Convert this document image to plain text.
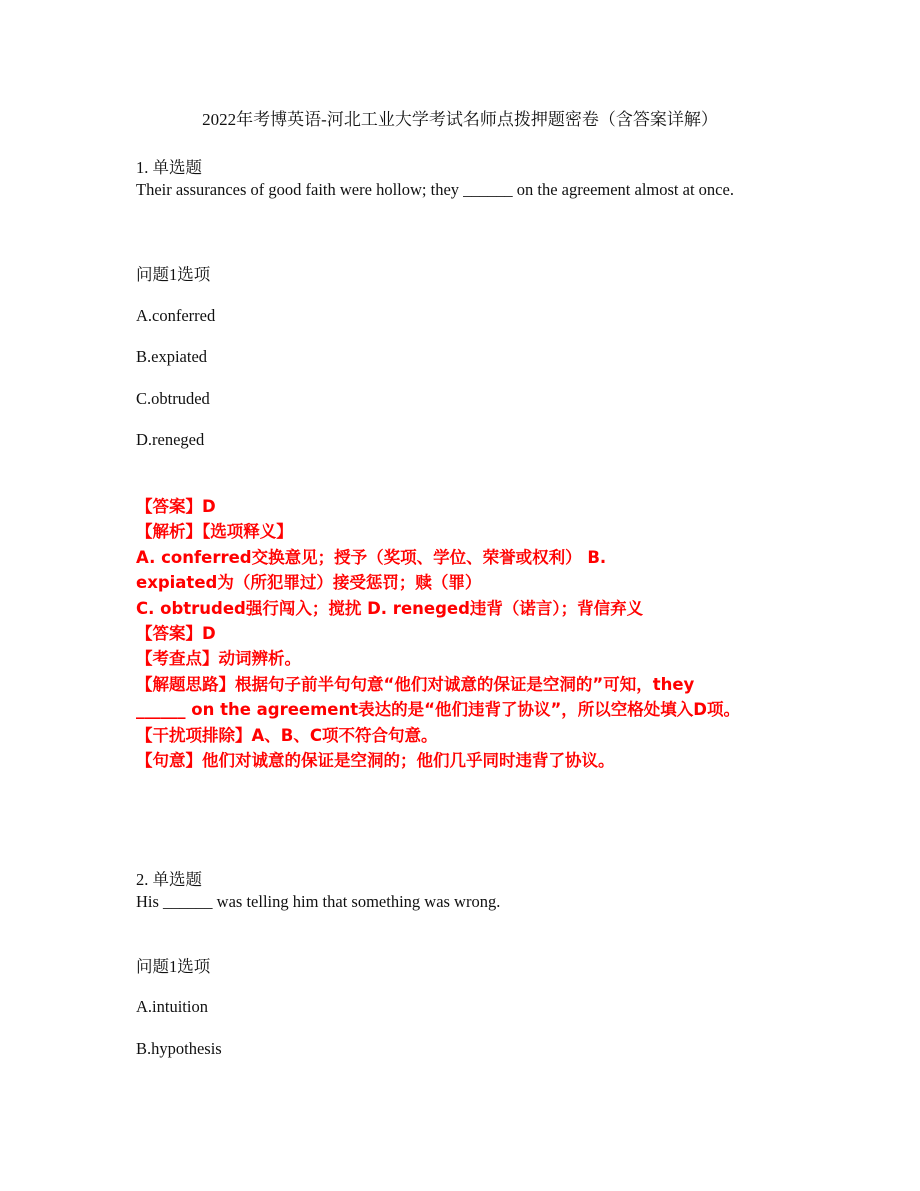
2022年考博英语-河北工业大学考试名师点拨押题密卷（含答案详解）
1. 单选题
Their assurances of good faith were hollow; they ______ on the agreement almost at once.
问题1选项
A.conferred
B.expiated
C.obtruded
D.reneged
【答案】D
【解析】【选项释义】
A. conferred交换意见；授予（奖项、学位、荣誉或权利） B.
expiated为（所犯罪过）接受惩罚；赎（罪）
C. obtruded强行闯入；搅扰 D. reneged违背（诺言）；背信弃义
【答案】D
【考查点】动词辨析。
【解题思路】根据句子前半句句意“他们对诚意的保证是空洞的”可知，they
______ on the agreement表达的是“他们违背了协议”，所以空格处填入D项。
【干扰项排除】A、B、C项不符合句意。
【句意】他们对诚意的保证是空洞的；他们几乎同时违背了协议。
2. 单选题
His ______ was telling him that something was wrong.
问题1选项
A.intuition
B.hypothesis
